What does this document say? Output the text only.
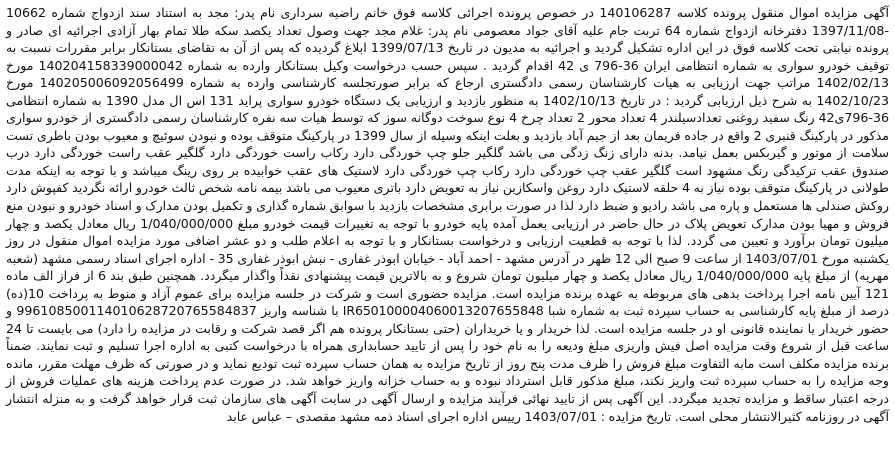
آگهی مزایده اموال منقول پرونده کلاسه 140106287 در خصوص پرونده اجرائی کلاسه فوق خانم راضیه سرداری نام پدر: مجد به استناد سند ازدواج شماره 10662 -1397/11/08 دفترخانه ازدواج شماره 64 تربت جام علیه آقای جواد معصومی نام پدر: غلام مجد جهت وصول تعداد یکصد سکه طلا تمام بهار آزادی اجرائیه ای صادر و پرونده نیابتی تحت کلاسه فوق در این اداره تشکیل گردید و اجرائیه به مدیون در تاریخ 1399/07/13 ابلاغ گردیده که پس از آن به تقاضای بستانکار برابر مقررات نسبت به توقیف خودرو سواری به شماره انتظامی ایران 36-796 ی 42 اقدام گردید . سپس حسب درخواست وکیل بستانکار وارده به شماره 140204158339000042 مورخ 1402/02/13 مراتب جهت ارزیابی به هیات کارشناسان رسمی دادگستری ارجاع که برابر صورتجلسه کارشناسی وارده به شماره 140205006092056499 مورخ 1402/10/23 به شرح ذیل ارزیابی گردید : در تاریخ 1402/10/13 به منظور بازدید و ارزیابی یک دستگاه خودرو سواری پراید 131 اس ال مدل 1390 به شماره انتظامی 36-796ی42 رنگ سفید روغنی تعدادسیلندر 4 تعداد محور 2 تعداد چرخ 4 نوع سوخت دوگانه سوز که توسط هیات سه نفره کارشناسان رسمی دادگستری از خودرو سواری مذکور در پارکینگ قنبری 2 واقع در جاده فریمان بعد از جیم آباد بازدید و بعلت اینکه وسیله از سال 1399 در پارکینگ متوقف بوده و نبودن سوئیچ و معیوب بودن باطری تست سلامت از موتور و گیربکس بعمل نیامد. بدنه دارای زنگ زدگی می باشد گلگیر جلو چپ خوردگی دارد رکاب راست خوردگی دارد گلگیر عقب راست خوردگی دارد درب صندوق عقب ترکیدگی رنگ مشهود است گلگیر عقب چپ خوردگی دارد رکاب چپ خوردگی دارد لاستیک های عقب خوابیده بر روی رینگ میباشد و با توجه به اینکه مدت طولانی در پارکینگ متوقف بوده نیاز به 4 حلقه لاستیک دارد روغن واسکازین نیاز به تعویض دارد باتری معیوب می باشد بیمه نامه شخص ثالث خودرو ارائه نگردید کفپوش دارد روکش صندلی ها مستعمل و پاره می باشد رادیو و ضبط دارد لذا در صورت برابری مشخصات بازدید با سوابق شماره گذاری و تکمیل بودن مدارک و اسناد خودرو و نبودن منع فروش و مهیا بودن مدارک تعویض پلاک در حال حاضر در ارزیابی بعمل آمده پایه خودرو با توجه به تغییرات قیمت خودرو مبلغ 1/040/000/000 ریال معادل یکصد و چهار میلیون تومان برآورد و تعیین می گردد. لذا با توجه به قطعیت ارزیابی و درخواست بستانکار و با توجه به اعلام طلب و دو عشر اضافی مورد مزایده اموال منقول در روز یکشنبه مورخ 1403/07/01 از ساعت 9 صبح الی 12 ظهر در آدرس مشهد - احمد آباد - خیابان ابوذر غفاری - نبش ابوذر غفاری 35 - اداره اجرای اسناد رسمی مشهد (شعبه مهریه) از مبلغ پایه 1/040/000/000 ریال معادل یکصد و چهار میلیون تومان شروع و به بالاترین قیمت پیشنهادی نقداً واگذار میگردد. همچنین طبق بند 6 از فراز الف ماده 121 آیین نامه اجرا پرداخت بدهی های مربوطه به عهده برنده مزایده است. مزایده حضوری است و شرکت در جلسه مزایده برای عموم آزاد و منوط به پرداخت 10(ده) درصد از مبلغ پایه کارشناسی به حساب سپرده ثبت به شماره شبا IR650100004060013207655848 با شناسه واریز 996108500114010628720765584837 و حضور خریدار یا نماینده قانونی او در جلسه مزایده است. لذا خریدار و یا خریداران (حتی بستانکار پرونده هم اگر قصد شرکت و رقابت در مزایده را دارد) می بایست تا 24 ساعت قبل از شروع وقت مزایده اصل فیش واریزی مبلغ ودیعه را به نام خود را پس از تایید حسابداری همراه با درخواست کتبی به اداره اجرا تسلیم و ثبت نمایند. ضمناً برنده مزایده مکلف است مابه التفاوت مبلغ فروش را ظرف مدت پنج روز از تاریخ مزایده به همان حساب سپرده ثبت تودیع نماید و در صورتی که ظرف مهلت مقرر، مانده وجه مزایده را به حساب سپرده ثبت واریز نکند، مبلغ مذکور قابل استرداد نبوده و به حساب خزانه واریز خواهد شد. در صورت عدم پرداخت هزینه های عملیات فروش از درجه اعتبار ساقط و مزایده تجدید میگردد. این آگهی پس از تایید نهائی فرآیند مزایده و ارسال آگهی در سایت آگهی های سازمان ثبت قرار خواهد گرفت و به منزله انتشار آگهی در روزنامه کثیرالانتشار محلی است. تاریخ مزایده : 1403/07/01 رییس اداره اجرای اسناد ذمه مشهد مقصدی – عباس عابد
